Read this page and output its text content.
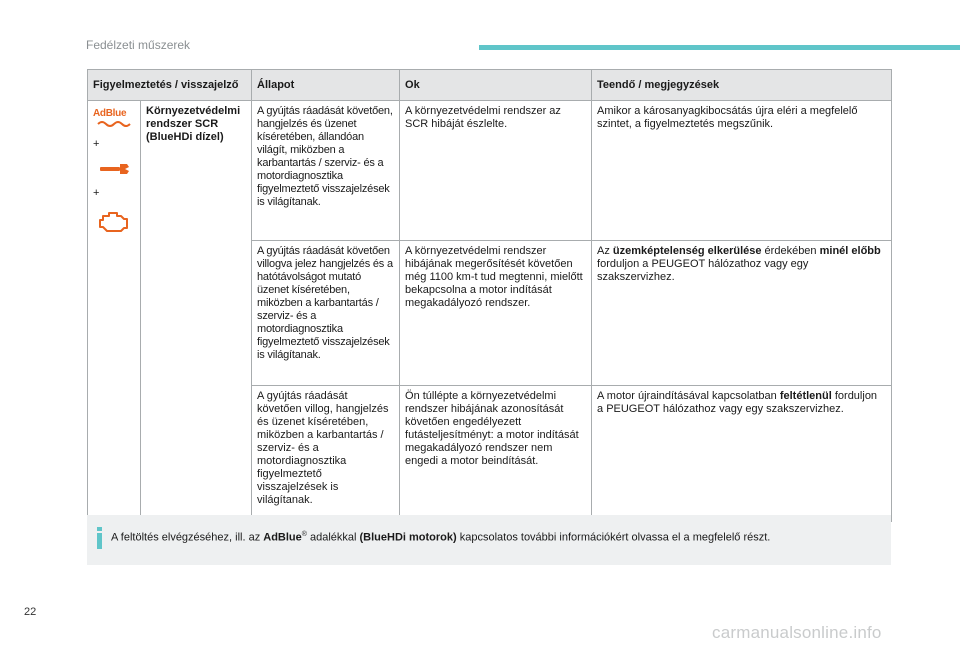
Fedélzeti műszerek
Figyelmeztetés / visszajelző		Állapot	Ok	Teendő / megjegyzések
AdBlue
+
+	Környezetvédelmi rendszer SCR (BlueHDi dízel)	A gyújtás ráadását követően, hangjelzés és üzenet kíséretében, állandóan világít, miközben a karbantartás / szerviz- és a motordiagnosztika figyelmeztető visszajelzések is világítanak.	A környezetvédelmi rendszer az SCR hibáját észlelte.	Amikor a károsanyagkibocsátás újra eléri a megfelelő szintet, a figyelmeztetés megszűnik.
		A gyújtás ráadását követően villogva jelez hangjelzés és a hatótávolságot mutató üzenet kíséretében, miközben a karbantartás / szerviz- és a motordiagnosztika figyelmeztető visszajelzések is világítanak.	A környezetvédelmi rendszer hibájának megerősítését követően még 1100 km-t tud megtenni, mielőtt bekapcsolna a motor indítását megakadályozó rendszer.	Az üzemképtelenség elkerülése érdekében minél előbb forduljon a PEUGEOT hálózathoz vagy egy szakszervizhez.
		A gyújtás ráadását követően villog, hangjelzés és üzenet kíséretében, miközben a karbantartás / szerviz- és a motordiagnosztika figyelmeztető visszajelzések is világítanak.	Ön túllépte a környezetvédelmi rendszer hibájának azonosítását követően engedélyezett futásteljesítményt: a motor indítását megakadályozó rendszer nem engedi a motor beindítását.	A motor újraindításával kapcsolatban feltétlenül forduljon a PEUGEOT hálózathoz vagy egy szakszervizhez.
A feltöltés elvégzéséhez, ill. az AdBlue® adalékkal (BlueHDi motorok) kapcsolatos további információkért olvassa el a megfelelő részt.
22
carmanualsonline.info
